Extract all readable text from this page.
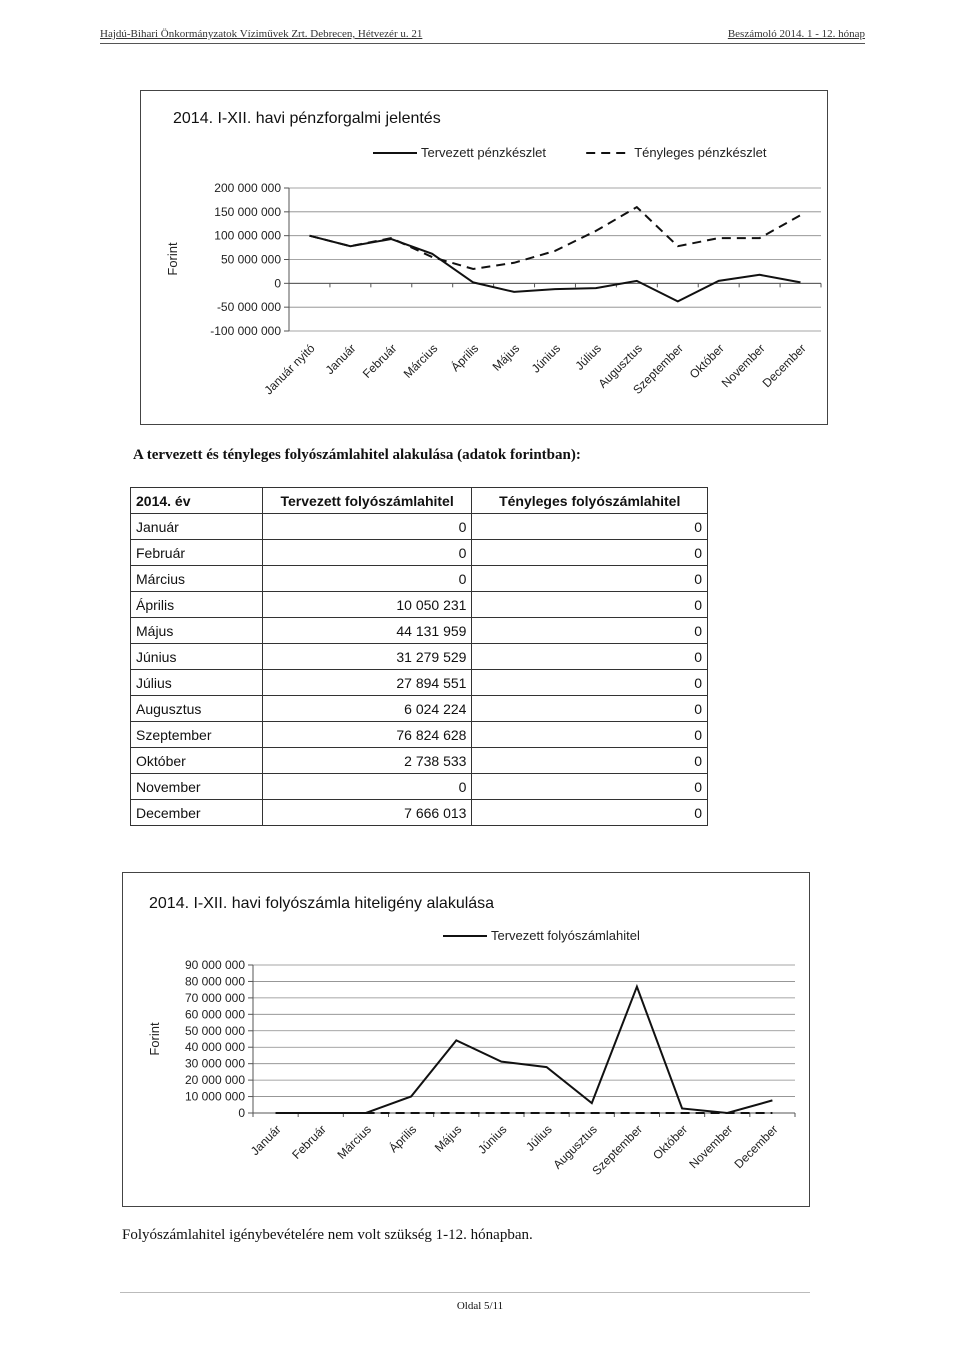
Hajdú-Bihari Önkormányzatok Víziművek Zrt. Debrecen, Hétvezér u. 21	Beszámoló 2014. 1 - 12. hónap
2014. I-XII. havi pénzforgalmi jelentés
Tervezett pénzkészlet	Tényleges pénzkészlet
200 000 000
150 000 000
100 000 000
50 000 000
0
-50 000 000
-100 000 000
Forint
Január nyitó Január Február Március Április Május Június Július
Augusztus
Szeptember Október
November
December
A tervezett és tényleges folyószámlahitel alakulása (adatok forintban):
2014. év	Tervezett folyószámlahitel	Tényleges folyószámlahitel
Január	0	0
Február	0	0
Március	0	0
Április	10 050 231	0
Május	44 131 959	0
Június	31 279 529	0
Július	27 894 551	0
Augusztus	6 024 224	0
Szeptember	76 824 628	0
Október	2 738 533	0
November	0	0
December	7 666 013	0
2014. I-XII. havi folyószámla hiteligény alakulása
Tervezett folyószámlahitel
90 000 000
80 000 000
70 000 000
60 000 000
50 000 000
40 000 000
30 000 000
20 000 000
10 000 000
0
Forint
Január Február Március Április Május Június Július
Augusztus
Szeptember Október
November
December
Folyószámlahitel igénybevételére nem volt szükség 1-12. hónapban.
Oldal 5/11
